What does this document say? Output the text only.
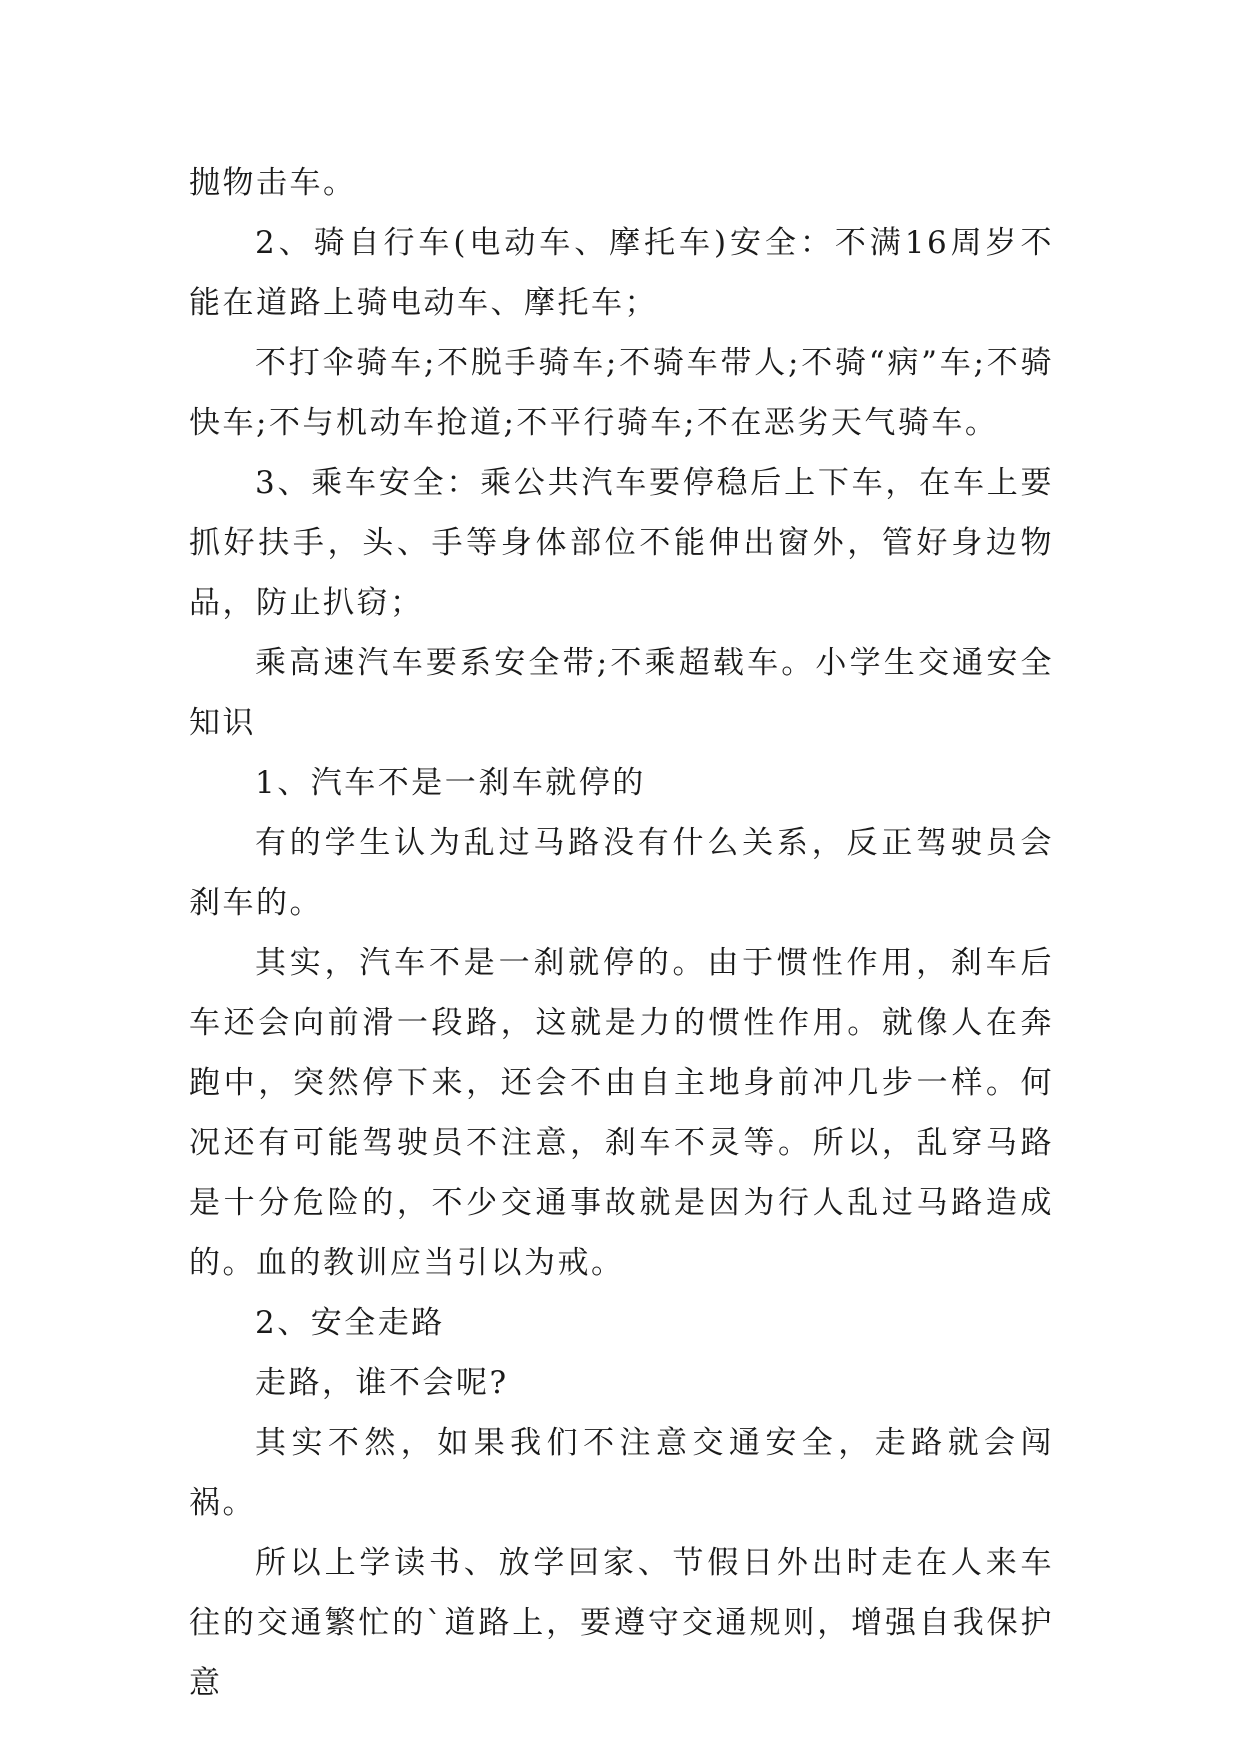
抛物击车。

2、骑自行车(电动车、摩托车)安全：不满16周岁不能在道路上骑电动车、摩托车；

不打伞骑车;不脱手骑车;不骑车带人;不骑“病”车;不骑快车;不与机动车抢道;不平行骑车;不在恶劣天气骑车。

3、乘车安全：乘公共汽车要停稳后上下车，在车上要抓好扶手，头、手等身体部位不能伸出窗外，管好身边物品，防止扒窃；

乘高速汽车要系安全带;不乘超载车。小学生交通安全知识

1、汽车不是一刹车就停的

有的学生认为乱过马路没有什么关系，反正驾驶员会刹车的。

其实，汽车不是一刹就停的。由于惯性作用，刹车后车还会向前滑一段路，这就是力的惯性作用。就像人在奔跑中，突然停下来，还会不由自主地身前冲几步一样。何况还有可能驾驶员不注意，刹车不灵等。所以，乱穿马路是十分危险的，不少交通事故就是因为行人乱过马路造成的。血的教训应当引以为戒。

2、安全走路

走路，谁不会呢?

其实不然，如果我们不注意交通安全，走路就会闯祸。

所以上学读书、放学回家、节假日外出时走在人来车往的交通繁忙的`道路上，要遵守交通规则，增强自我保护意
